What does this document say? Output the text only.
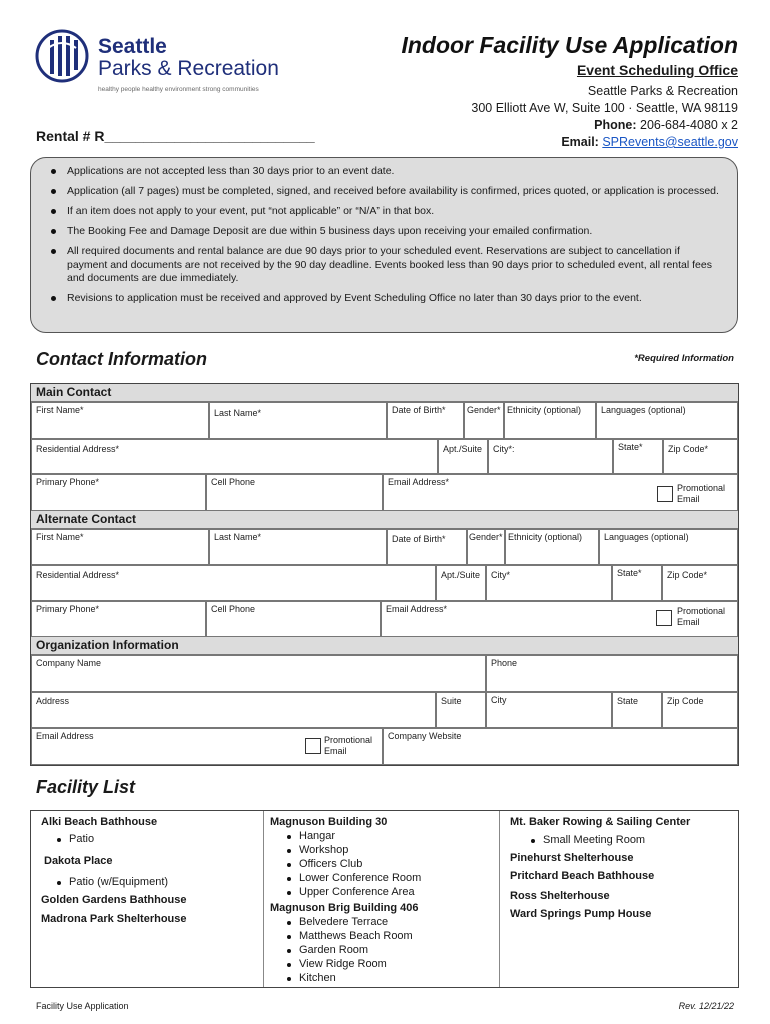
Seattle
Parks & Recreation
healthy people healthy environment strong communities
Indoor Facility Use Application
Event Scheduling Office
Seattle Parks & Recreation
300 Elliott Ave W, Suite 100 · Seattle, WA 98119
Phone: 206-684-4080 x 2
Email: SPRevents@seattle.gov
Rental # R___________________________
Applications are not accepted less than 30 days prior to an event date.
Application (all 7 pages) must be completed, signed, and received before availability is confirmed, prices quoted, or application is processed.
If an item does not apply to your event, put “not applicable” or “N/A” in that box.
The Booking Fee and Damage Deposit are due within 5 business days upon receiving your emailed confirmation.
All required documents and rental balance are due 90 days prior to your scheduled event. Reservations are subject to cancellation if payment and documents are not received by the 90 day deadline. Events booked less than 90 days prior to scheduled event, all rental fees and documents are due immediately.
Revisions to application must be received and approved by Event Scheduling Office no later than 30 days prior to the event.
Contact Information	*Required Information
Main Contact
First Name*	Last Name*	Date of Birth* Gender* Ethnicity (optional) Languages (optional)
Residential Address*	Apt./Suite City*:	State*	Zip Code*
Primary Phone*	Cell Phone	Email Address*
Promotional
Email
Alternate Contact
First Name*	Last Name*	Date of Birth*	Gender* Ethnicity (optional) Languages (optional)
Residential Address*	Apt./Suite City*	State*	Zip Code*
Primary Phone*	Cell Phone	Email Address*	Promotional
Email
Organization Information
Company Name	Phone
Address	Suite	City	State	Zip Code
Email Address	Company Website
Promotional
Email
Facility List
Alki Beach Bathhouse
Patio
Dakota Place
Patio (w/Equipment)
Golden Gardens Bathhouse
Madrona Park Shelterhouse
Magnuson Building 30
Hangar
Workshop
Officers Club
Lower Conference Room
Upper Conference Area
Magnuson Brig Building 406
Belvedere Terrace
Matthews Beach Room
Garden Room
View Ridge Room
Kitchen
Mt. Baker Rowing & Sailing Center
Small Meeting Room
Pinehurst Shelterhouse
Pritchard Beach Bathhouse
Ross Shelterhouse
Ward Springs Pump House
Facility Use Application	Rev. 12/21/22
